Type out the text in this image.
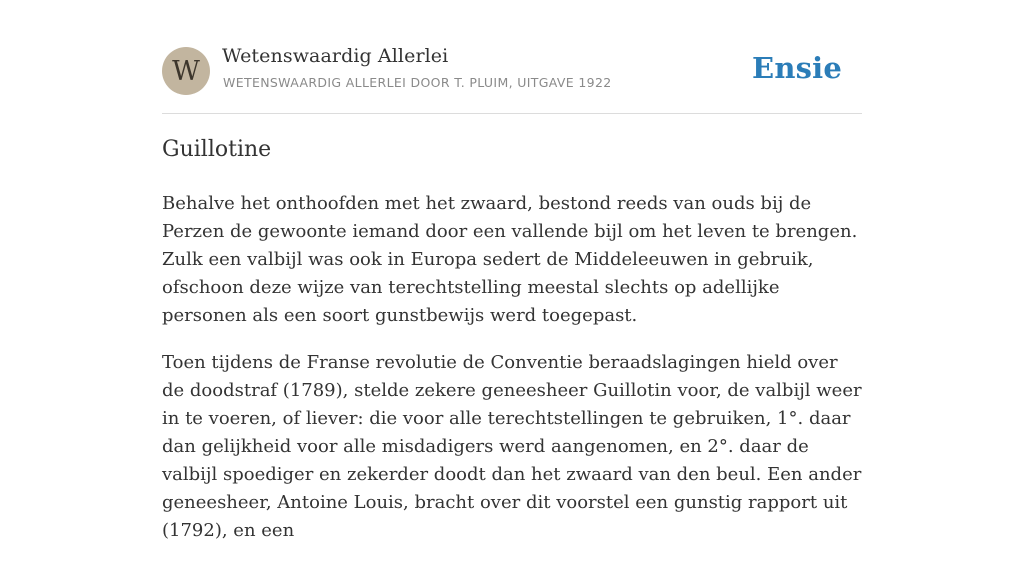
W	Wetenswaardig Allerlei
WETENSWAARDIG ALLERLEI DOOR T. PLUIM, UITGAVE 1922	Ensie
Guillotine

Behalve het onthoofden met het zwaard, bestond reeds van ouds bij de Perzen de gewoonte iemand door een vallende bijl om het leven te brengen. Zulk een valbijl was ook in Europa sedert de Middeleeuwen in gebruik, ofschoon deze wijze van terechtstelling meestal slechts op adellijke personen als een soort gunstbewijs werd toegepast.

Toen tijdens de Franse revolutie de Conventie beraadslagingen hield over de doodstraf (1789), stelde zekere geneesheer Guillotin voor, de valbijl weer in te voeren, of liever: die voor alle terechtstellingen te gebruiken, 1°. daar dan gelijkheid voor alle misdadigers werd aangenomen, en 2°. daar de valbijl spoediger en zekerder doodt dan het zwaard van den beul. Een ander geneesheer, Antoine Louis, bracht over dit voorstel een gunstig rapport uit (1792), en een
